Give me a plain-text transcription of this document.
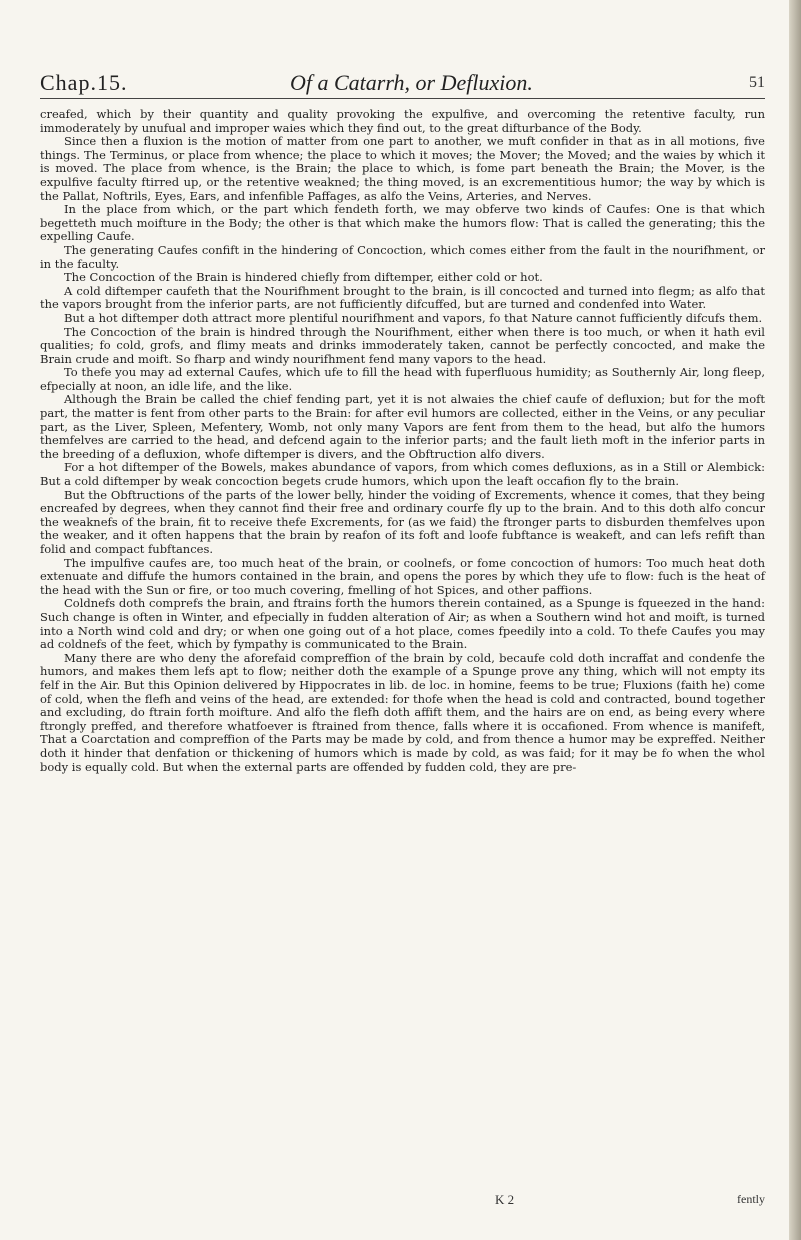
Chap.15.	Of a Catarrh, or Defluxion.	51

creafed, which by their quantity and quality provoking the expulfive, and overcoming the retentive faculty, run immoderately by unufual and improper waies which they find out, to the great difturbance of the Body.

Since then a fluxion is the motion of matter from one part to another, we muft confider in that as in all motions, five things. The Terminus, or place from whence; the place to which it moves; the Mover; the Moved; and the waies by which it is moved. The place from whence, is the Brain; the place to which, is fome part beneath the Brain; the Mover, is the expulfive faculty ftirred up, or the retentive weakned; the thing moved, is an excrementitious humor; the way by which is the Pallat, Noftrils, Eyes, Ears, and infenfible Paffages, as alfo the Veins, Arteries, and Nerves.

In the place from which, or the part which fendeth forth, we may obferve two kinds of Caufes: One is that which begetteth much moifture in the Body; the other is that which make the humors flow: That is called the generating; this the expelling Caufe.

The generating Caufes confift in the hindering of Concoction, which comes either from the fault in the nourifhment, or in the faculty.

The Concoction of the Brain is hindered chiefly from diftemper, either cold or hot.

A cold diftemper caufeth that the Nourifhment brought to the brain, is ill concocted and turned into flegm; as alfo that the vapors brought from the inferior parts, are not fufficiently difcuffed, but are turned and condenfed into Water.

But a hot diftemper doth attract more plentiful nourifhment and vapors, fo that Nature cannot fufficiently difcufs them.

The Concoction of the brain is hindred through the Nourifhment, either when there is too much, or when it hath evil qualities; fo cold, grofs, and flimy meats and drinks immoderately taken, cannot be perfectly concocted, and make the Brain crude and moift. So fharp and windy nourifhment fend many vapors to the head.

To thefe you may ad external Caufes, which ufe to fill the head with fuperfluous humidity; as Southernly Air, long fleep, efpecially at noon, an idle life, and the like.

Although the Brain be called the chief fending part, yet it is not alwaies the chief caufe of defluxion; but for the moft part, the matter is fent from other parts to the Brain: for after evil humors are collected, either in the Veins, or any peculiar part, as the Liver, Spleen, Mefentery, Womb, not only many Vapors are fent from them to the head, but alfo the humors themfelves are carried to the head, and defcend again to the inferior parts; and the fault lieth moft in the inferior parts in the breeding of a defluxion, whofe diftemper is divers, and the Obftruction alfo divers.

For a hot diftemper of the Bowels, makes abundance of vapors, from which comes defluxions, as in a Still or Alembick: But a cold diftemper by weak concoction begets crude humors, which upon the leaft occafion fly to the brain.

But the Obftructions of the parts of the lower belly, hinder the voiding of Excrements, whence it comes, that they being encreafed by degrees, when they cannot find their free and ordinary courfe fly up to the brain. And to this doth alfo concur the weaknefs of the brain, fit to receive thefe Excrements, for (as we faid) the ftronger parts to disburden themfelves upon the weaker, and it often happens that the brain by reafon of its foft and loofe fubftance is weakeft, and can lefs refift than folid and compact fubftances.

The impulfive caufes are, too much heat of the brain, or coolnefs, or fome concoction of humors: Too much heat doth extenuate and diffufe the humors contained in the brain, and opens the pores by which they ufe to flow: fuch is the heat of the head with the Sun or fire, or too much covering, fmelling of hot Spices, and other paffions.

Coldnefs doth comprefs the brain, and ftrains forth the humors therein contained, as a Spunge is fqueezed in the hand: Such change is often in Winter, and efpecially in fudden alteration of Air; as when a Southern wind hot and moift, is turned into a North wind cold and dry; or when one going out of a hot place, comes fpeedily into a cold. To thefe Caufes you may ad coldnefs of the feet, which by fympathy is communicated to the Brain.

Many there are who deny the aforefaid compreffion of the brain by cold, becaufe cold doth incraffat and condenfe the humors, and makes them lefs apt to flow; neither doth the example of a Spunge prove any thing, which will not empty its felf in the Air. But this Opinion delivered by Hippocrates in lib. de loc. in homine, feems to be true; Fluxions (faith he) come of cold, when the flefh and veins of the head, are extended: for thofe when the head is cold and contracted, bound together and excluding, do ftrain forth moifture. And alfo the flefh doth affift them, and the hairs are on end, as being every where ftrongly preffed, and therefore whatfoever is ftrained from thence, falls where it is occafioned. From whence is manifeft, That a Coarctation and compreffion of the Parts may be made by cold, and from thence a humor may be expreffed. Neither doth it hinder that denfation or thickening of humors which is made by cold, as was faid; for it may be fo when the whol body is equally cold. But when the external parts are offended by fudden cold, they are pre-

K 2	fently
